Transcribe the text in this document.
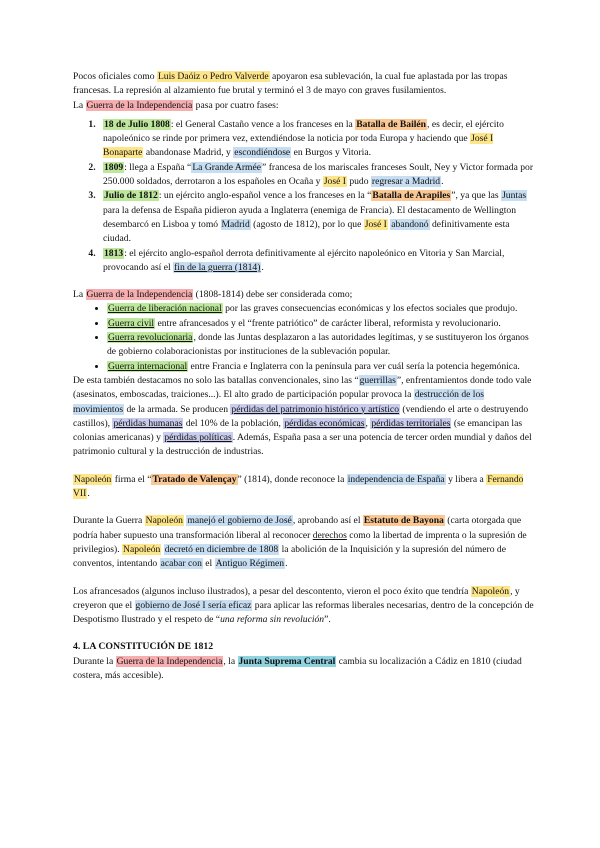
Pocos oficiales como Luis Daóiz o Pedro Valverde apoyaron esa sublevación, la cual fue aplastada por las tropas francesas. La represión al alzamiento fue brutal y terminó el 3 de mayo con graves fusilamientos.

La Guerra de la Independencia pasa por cuatro fases:

1. 18 de Julio 1808: el General Castaño vence a los franceses en la Batalla de Bailén, es decir, el ejército napoleónico se rinde por primera vez, extendiéndose la noticia por toda Europa y haciendo que José I Bonaparte abandonase Madrid, y escondiéndose en Burgos y Vitoria.
2. 1809: llega a España “La Grande Armée” francesa de los mariscales franceses Soult, Ney y Victor formada por 250.000 soldados, derrotaron a los españoles en Ocaña y José I pudo regresar a Madrid.
3. Julio de 1812: un ejército anglo-español vence a los franceses en la “Batalla de Arapiles”, ya que las Juntas para la defensa de España pidieron ayuda a Inglaterra (enemiga de Francia). El destacamento de Wellington desembarcó en Lisboa y tomó Madrid (agosto de 1812), por lo que José I abandonó definitivamente esta ciudad.
4. 1813: el ejército anglo-español derrota definitivamente al ejército napoleónico en Vitoria y San Marcial, provocando así el fin de la guerra (1814).

La Guerra de la Independencia (1808-1814) debe ser considerada como;

• Guerra de liberación nacional por las graves consecuencias económicas y los efectos sociales que produjo.
• Guerra civil entre afrancesados y el “frente patriótico” de carácter liberal, reformista y revolucionario.
• Guerra revolucionaria, donde las Juntas desplazaron a las autoridades legítimas, y se sustituyeron los órganos de gobierno colaboracionistas por instituciones de la sublevación popular.
• Guerra internacional entre Francia e Inglaterra con la península para ver cuál sería la potencia hegemónica.

De esta también destacamos no solo las batallas convencionales, sino las “guerrillas”, enfrentamientos donde todo vale (asesinatos, emboscadas, traiciones...). El alto grado de participación popular provoca la destrucción de los movimientos de la armada. Se producen pérdidas del patrimonio histórico y artístico (vendiendo el arte o destruyendo castillos), pérdidas humanas del 10% de la población, pérdidas económicas, pérdidas territoriales (se emancipan las colonias americanas) y pérdidas políticas. Además, España pasa a ser una potencia de tercer orden mundial y daños del patrimonio cultural y la destrucción de industrias.

Napoleón firma el “Tratado de Valençay” (1814), donde reconoce la independencia de España y libera a Fernando VII.

Durante la Guerra Napoleón manejó el gobierno de José, aprobando así el Estatuto de Bayona (carta otorgada que podría haber supuesto una transformación liberal al reconocer derechos como la libertad de imprenta o la supresión de privilegios). Napoleón decretó en diciembre de 1808 la abolición de la Inquisición y la supresión del número de conventos, intentando acabar con el Antiguo Régimen.

Los afrancesados (algunos incluso ilustrados), a pesar del descontento, vieron el poco éxito que tendría Napoleón, y creyeron que el gobierno de José I sería eficaz para aplicar las reformas liberales necesarias, dentro de la concepción de Despotismo Ilustrado y el respeto de “una reforma sin revolución”.

4. LA CONSTITUCIÓN DE 1812

Durante la Guerra de la Independencia, la Junta Suprema Central cambia su localización a Cádiz en 1810 (ciudad costera, más accesible).
